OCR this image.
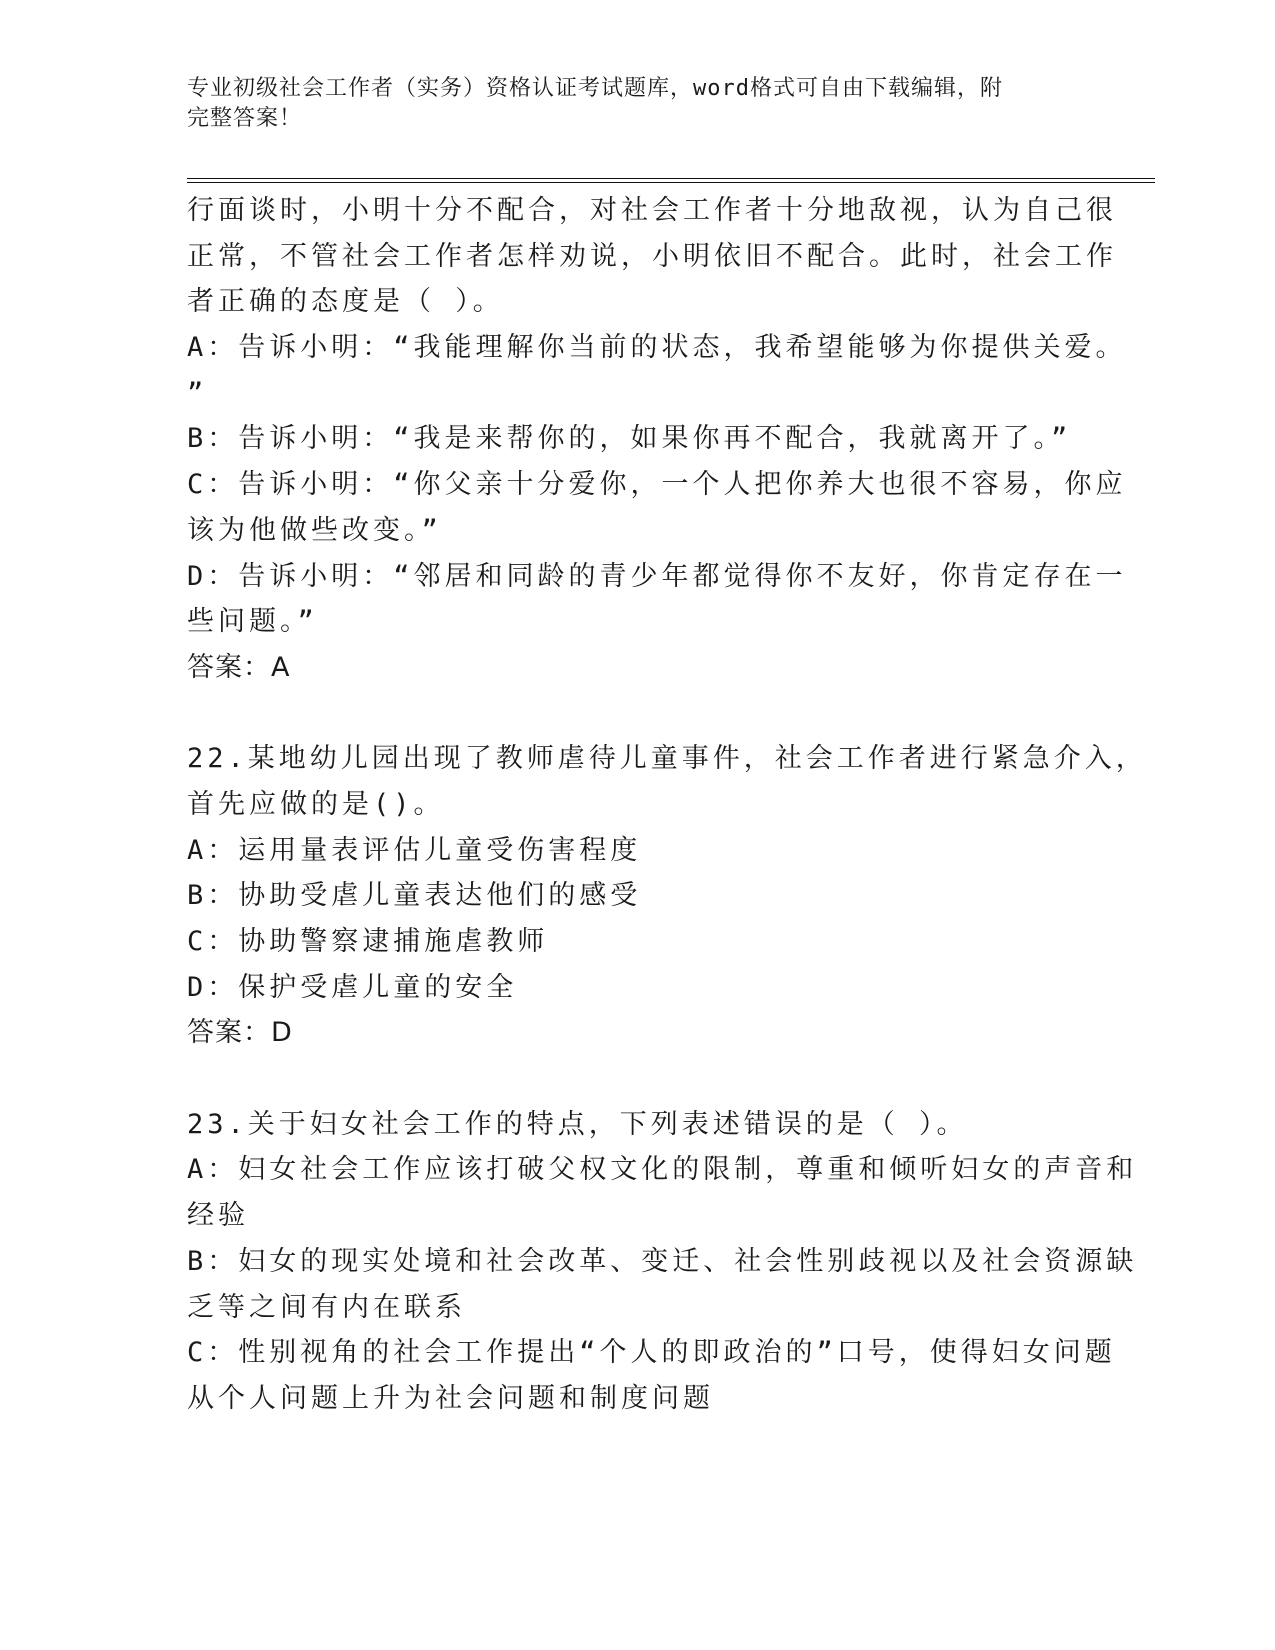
专业初级社会工作者（实务）资格认证考试题库，word格式可自由下载编辑，附
完整答案！
行面谈时，小明十分不配合，对社会工作者十分地敌视，认为自己很
正常，不管社会工作者怎样劝说，小明依旧不配合。此时，社会工作
者正确的态度是（ ）。
A：告诉小明：“我能理解你当前的状态，我希望能够为你提供关爱。
”
B：告诉小明：“我是来帮你的，如果你再不配合，我就离开了。”
C：告诉小明：“你父亲十分爱你，一个人把你养大也很不容易，你应
该为他做些改变。”
D：告诉小明：“邻居和同龄的青少年都觉得你不友好，你肯定存在一
些问题。”
答案：A
22.某地幼儿园出现了教师虐待儿童事件，社会工作者进行紧急介入，
首先应做的是()。
A：运用量表评估儿童受伤害程度
B：协助受虐儿童表达他们的感受
C：协助警察逮捕施虐教师
D：保护受虐儿童的安全
答案：D
23.关于妇女社会工作的特点，下列表述错误的是（ ）。
A：妇女社会工作应该打破父权文化的限制，尊重和倾听妇女的声音和
经验
B：妇女的现实处境和社会改革、变迁、社会性别歧视以及社会资源缺
乏等之间有内在联系
C：性别视角的社会工作提出“个人的即政治的”口号，使得妇女问题
从个人问题上升为社会问题和制度问题
